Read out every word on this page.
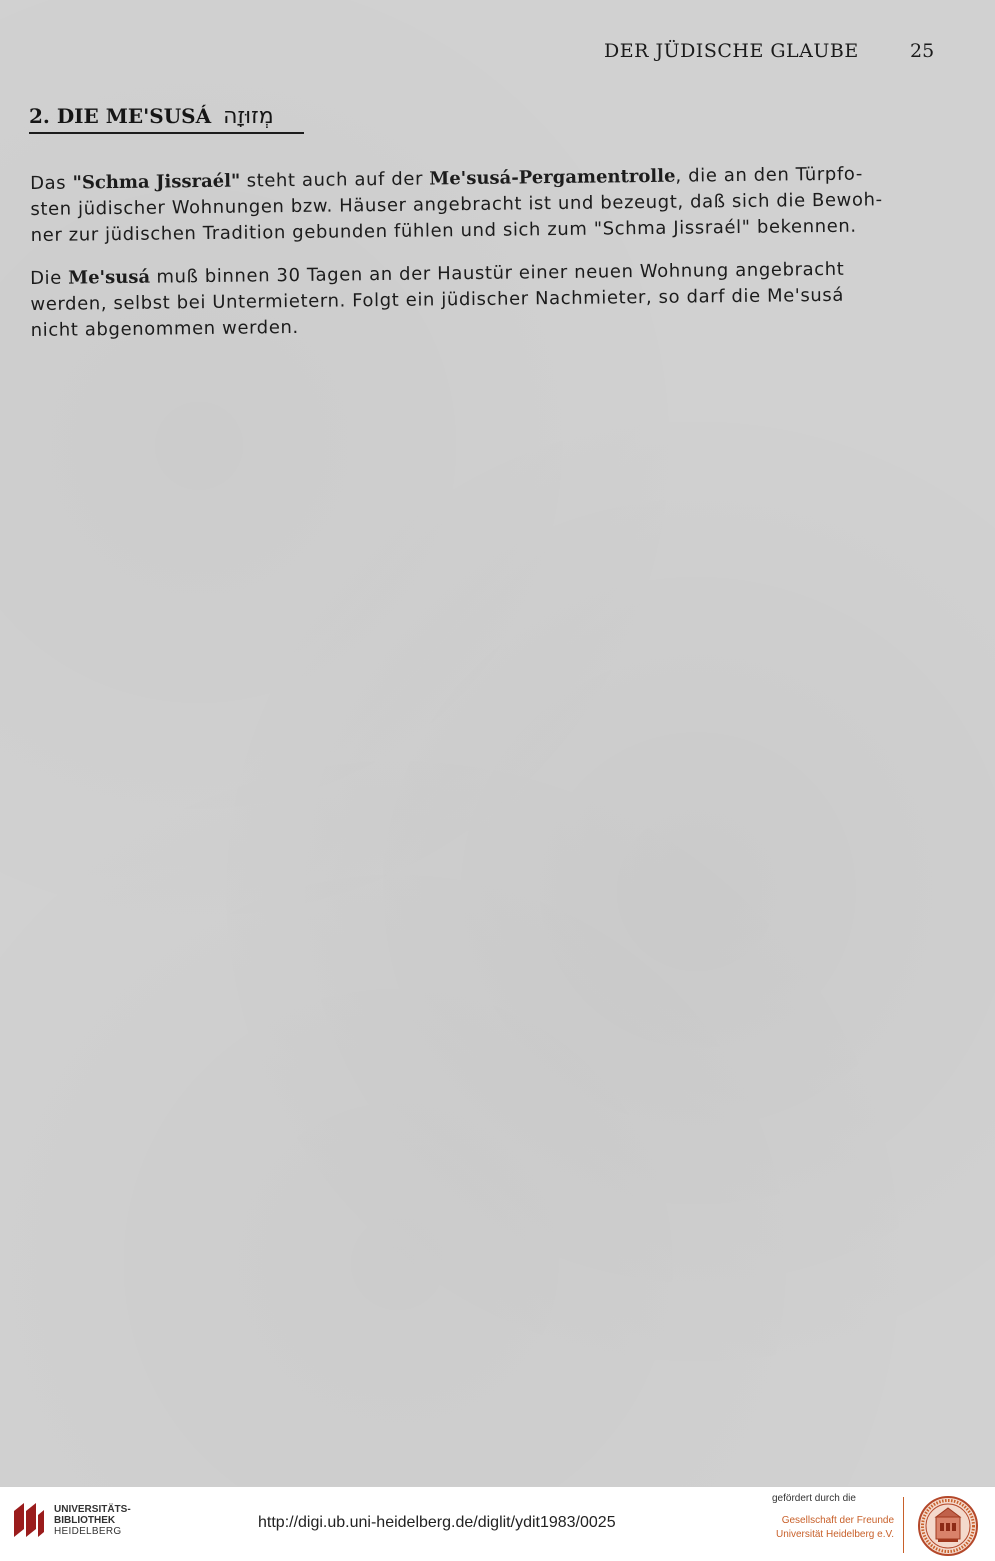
DER JÜDISCHE GLAUBE	25
2. DIE ME'SUSÁ מְזוּזָה
Das "Schma Jissraél" steht auch auf der Me'susá-Pergamentrolle, die an den Türpfo-
sten jüdischer Wohnungen bzw. Häuser angebracht ist und bezeugt, daß sich die Bewoh-
ner zur jüdischen Tradition gebunden fühlen und sich zum "Schma Jissraél" bekennen.
Die Me'susá muß binnen 30 Tagen an der Haustür einer neuen Wohnung angebracht
werden, selbst bei Untermietern. Folgt ein jüdischer Nachmieter, so darf die Me'susá
nicht abgenommen werden.
UNIVERSITÄTS-
BIBLIOTHEK
HEIDELBERG
http://digi.ub.uni-heidelberg.de/diglit/ydit1983/0025
gefördert durch die
Gesellschaft der Freunde
Universität Heidelberg e.V.
